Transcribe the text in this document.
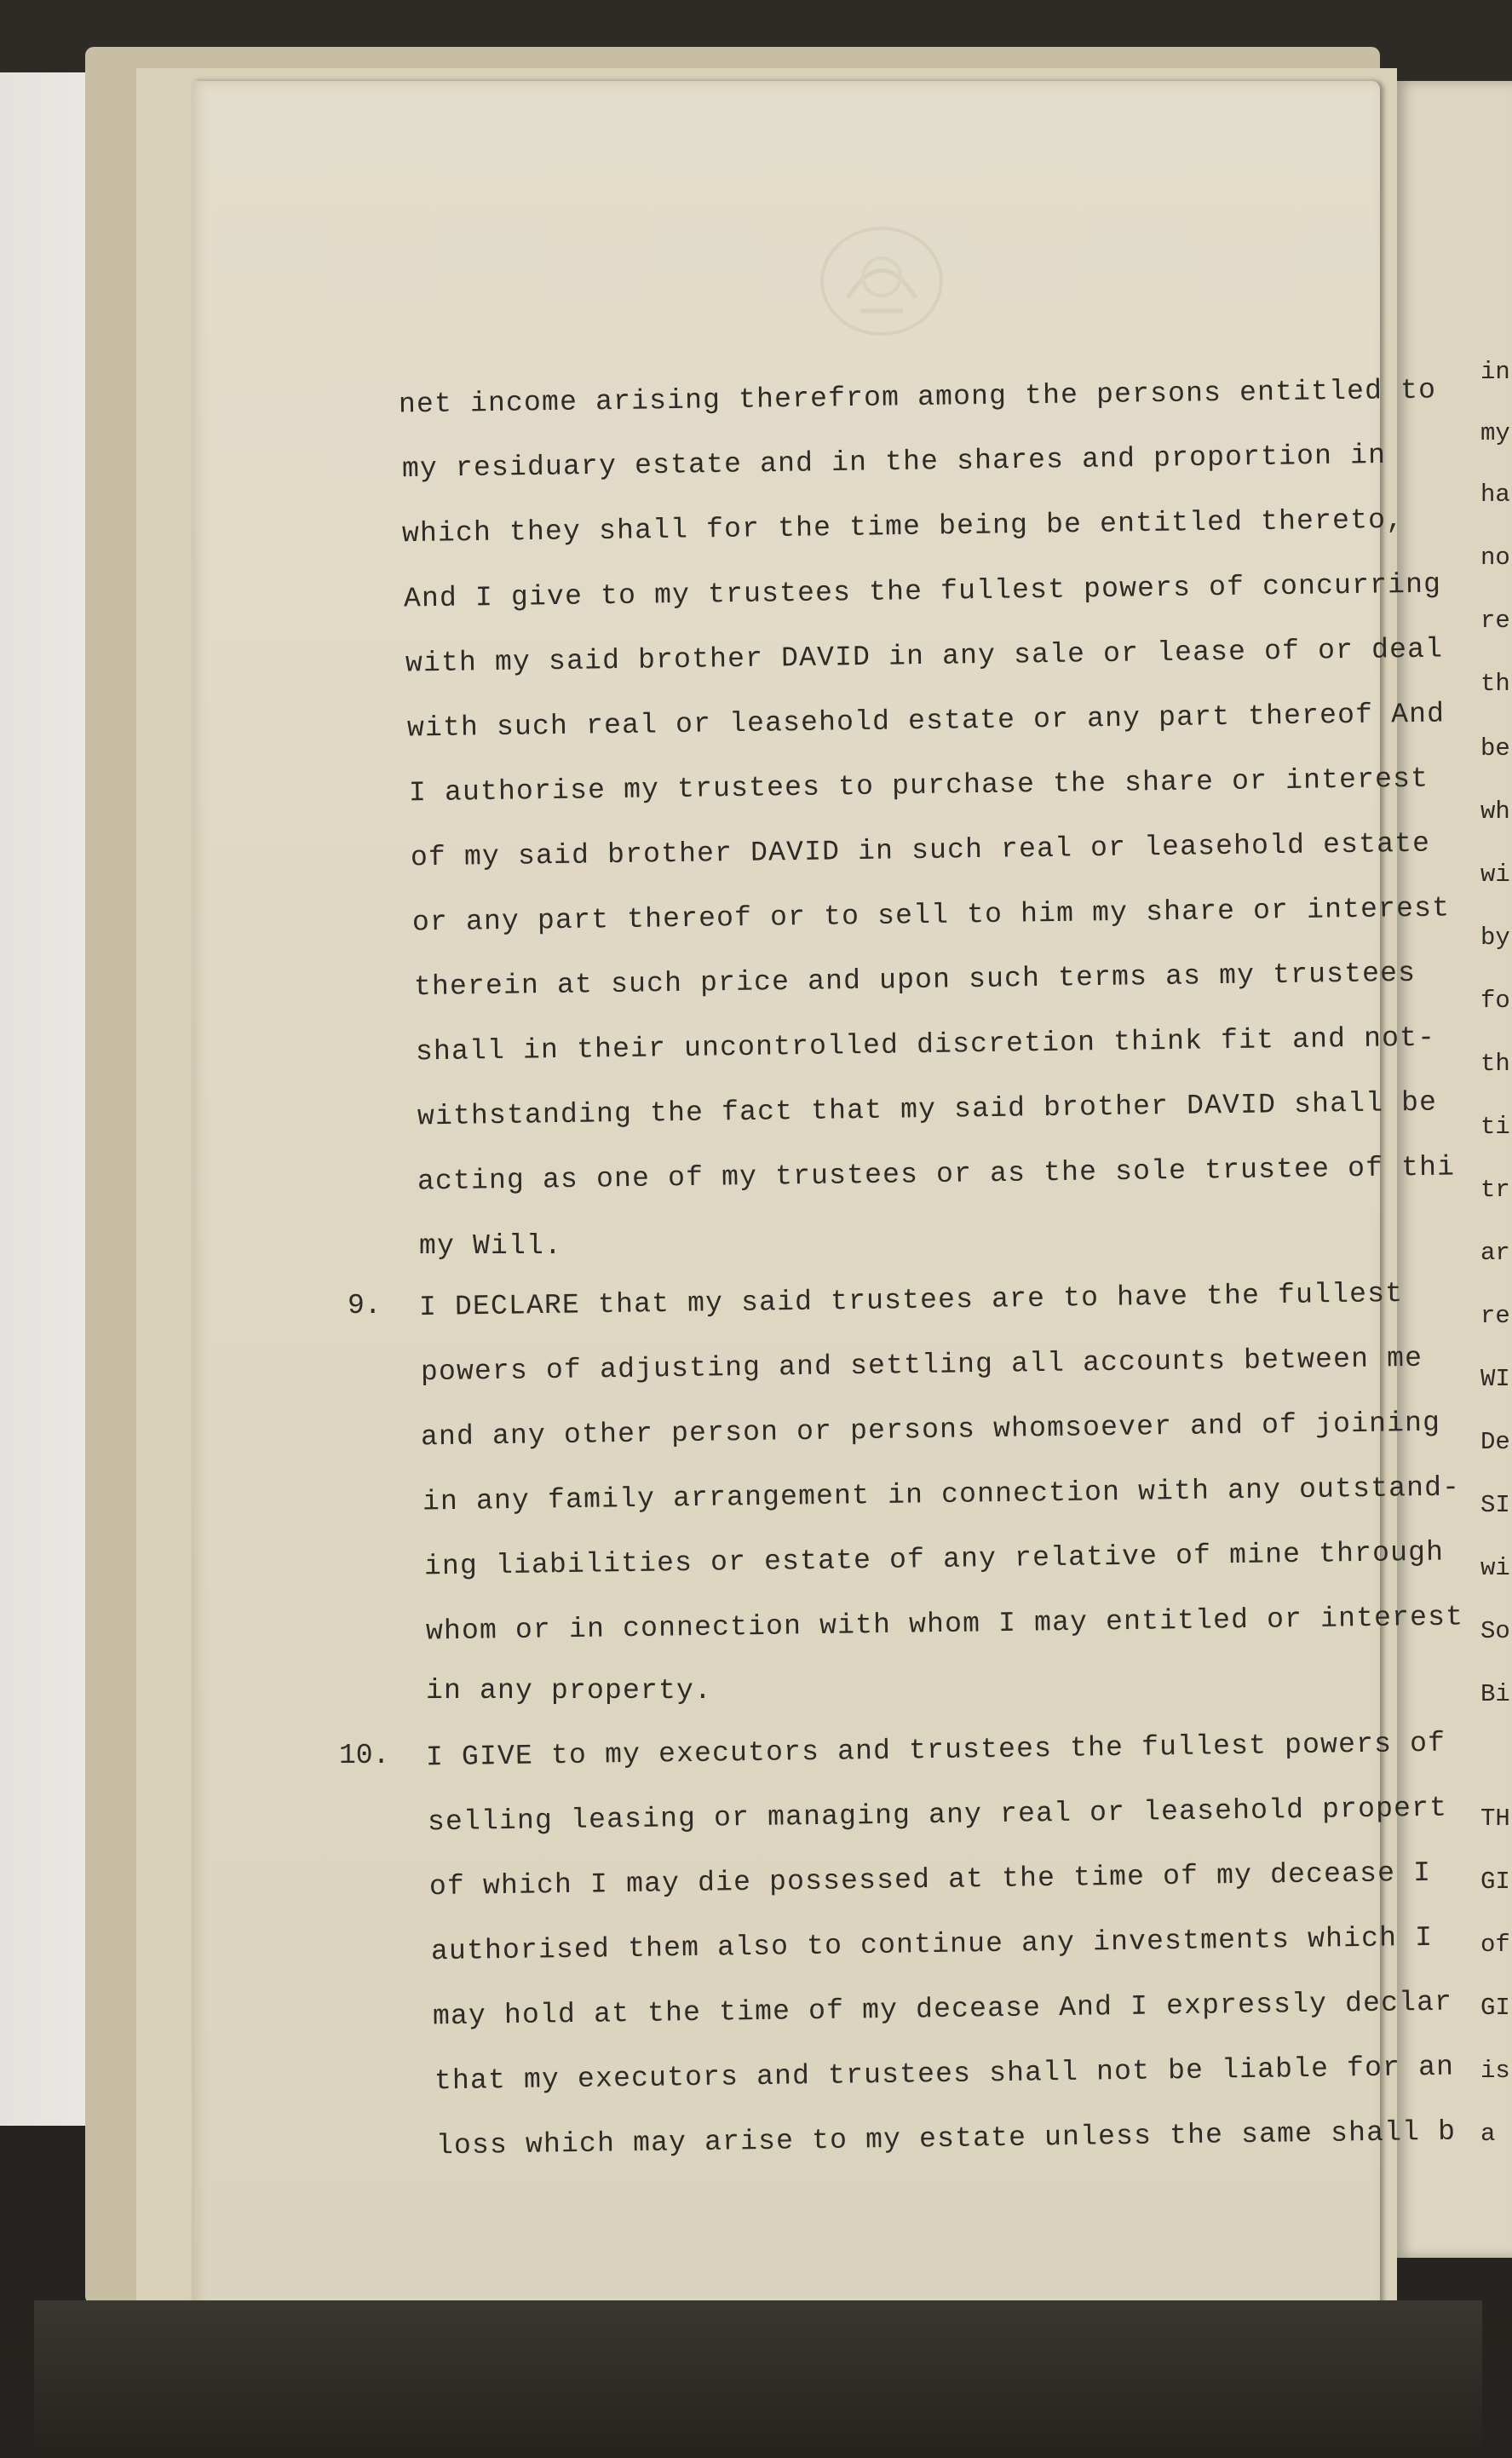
net income arising therefrom among the persons entitled to
my residuary estate and in the shares and proportion in
which they shall for the time being be entitled thereto,
And I give to my trustees the fullest powers of concurring
with my said brother DAVID in any sale or lease of or deal
with such real or leasehold estate or any part thereof And
I authorise my trustees to purchase the share or interest
of my said brother DAVID in such real or leasehold estate
or any part thereof or to sell to him my share or interest
therein at such price and upon such terms as my trustees
shall in their uncontrolled discretion think fit and not-
withstanding the fact that my said brother DAVID shall be
acting as one of my trustees or as the sole trustee of thi
my Will.
9. I DECLARE that my said trustees are to have the fullest
powers of adjusting and settling all accounts between me
and any other person or persons whomsoever and of joining
in any family arrangement in connection with any outstand-
ing liabilities or estate of any relative of mine through
whom or in connection with whom I may entitled or interest
in any property.
10. I GIVE to my executors and trustees the fullest powers of
selling leasing or managing any real or leasehold propert
of which I may die possessed at the time of my decease I
authorised them also to continue any investments which I
may hold at the time of my decease And I expressly declar
that my executors and trustees shall not be liable for an
loss which may arise to my estate unless the same shall b
in
my
ha
no
re
th
be
wh
wi
by
fo
th
ti
tr
ar
re
WI
De
SI
wi
So
Bi
TH
GI
of
GI
is
a
